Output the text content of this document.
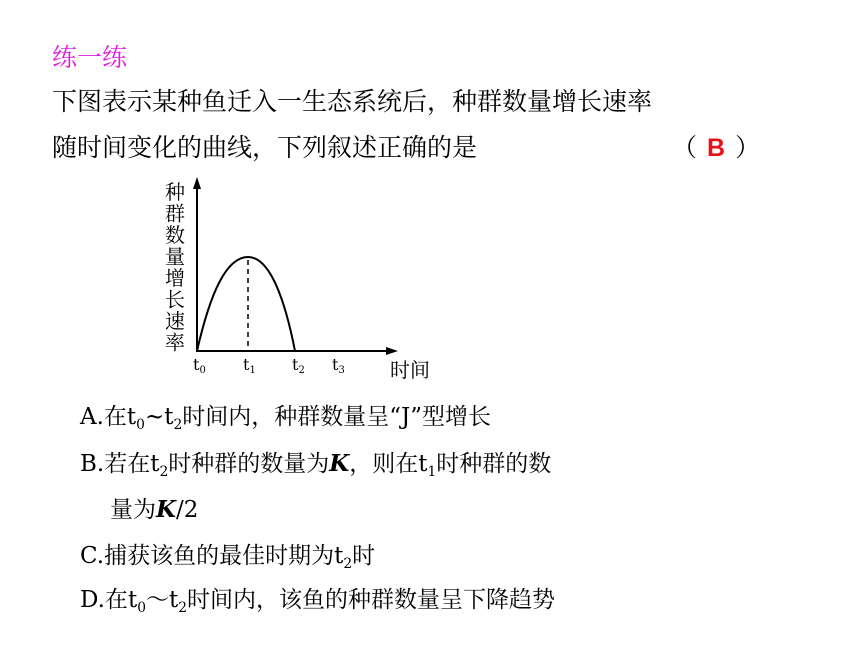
练一练
下图表示某种鱼迁入一生态系统后，种群数量增长速率
随时间变化的曲线，下列叙述正确的是	（ B ）
种
群
数
量
增
长
速
率
t0 t1 t2 t3 时间
A.在$t_0\sim t_2$时间内，种群数量呈“J”型增长
B.若在$t_2$时种群的数量为K，则在$t_1$时种群的数
量为K/2
C.捕获该鱼的最佳时期为$t_2$时
D.在$t_0\sim t_2$时间内，该鱼的种群数量呈下降趋势
